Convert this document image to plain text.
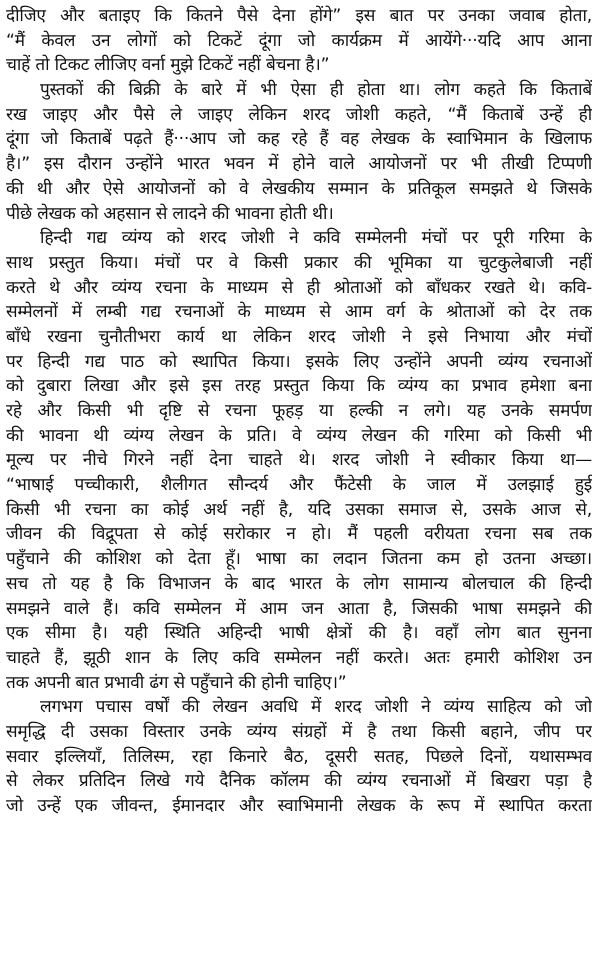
दीजिए और बताइए कि कितने पैसे देना होंगे” इस बात पर उनका जवाब होता,
“मैं केवल उन लोगों को टिकटें दूंगा जो कार्यक्रम में आयेंगे···यदि आप आना
चाहें तो टिकट लीजिए वर्ना मुझे टिकटें नहीं बेचना है।”
पुस्तकों की बिक्री के बारे में भी ऐसा ही होता था। लोग कहते कि किताबें
रख जाइए और पैसे ले जाइए लेकिन शरद जोशी कहते, “मैं किताबें उन्हें ही
दूंगा जो किताबें पढ़ते हैं···आप जो कह रहे हैं वह लेखक के स्वाभिमान के खिलाफ
है।” इस दौरान उन्होंने भारत भवन में होने वाले आयोजनों पर भी तीखी टिप्पणी
की थी और ऐसे आयोजनों को वे लेखकीय सम्मान के प्रतिकूल समझते थे जिसके
पीछे लेखक को अहसान से लादने की भावना होती थी।
हिन्दी गद्य व्यंग्य को शरद जोशी ने कवि सम्मेलनी मंचों पर पूरी गरिमा के
साथ प्रस्तुत किया। मंचों पर वे किसी प्रकार की भूमिका या चुटकुलेबाजी नहीं
करते थे और व्यंग्य रचना के माध्यम से ही श्रोताओं को बाँधकर रखते थे। कवि-
सम्मेलनों में लम्बी गद्य रचनाओं के माध्यम से आम वर्ग के श्रोताओं को देर तक
बाँधे रखना चुनौतीभरा कार्य था लेकिन शरद जोशी ने इसे निभाया और मंचों
पर हिन्दी गद्य पाठ को स्थापित किया। इसके लिए उन्होंने अपनी व्यंग्य रचनाओं
को दुबारा लिखा और इसे इस तरह प्रस्तुत किया कि व्यंग्य का प्रभाव हमेशा बना
रहे और किसी भी दृष्टि से रचना फूहड़ या हल्की न लगे। यह उनके समर्पण
की भावना थी व्यंग्य लेखन के प्रति। वे व्यंग्य लेखन की गरिमा को किसी भी
मूल्य पर नीचे गिरने नहीं देना चाहते थे। शरद जोशी ने स्वीकार किया था—
“भाषाई पच्चीकारी, शैलीगत सौन्दर्य और फैंटेसी के जाल में उलझाई हुई
किसी भी रचना का कोई अर्थ नहीं है, यदि उसका समाज से, उसके आज से,
जीवन की विद्रूपता से कोई सरोकार न हो। मैं पहली वरीयता रचना सब तक
पहुँचाने की कोशिश को देता हूँ। भाषा का लदान जितना कम हो उतना अच्छा।
सच तो यह है कि विभाजन के बाद भारत के लोग सामान्य बोलचाल की हिन्दी
समझने वाले हैं। कवि सम्मेलन में आम जन आता है, जिसकी भाषा समझने की
एक सीमा है। यही स्थिति अहिन्दी भाषी क्षेत्रों की है। वहाँ लोग बात सुनना
चाहते हैं, झूठी शान के लिए कवि सम्मेलन नहीं करते। अतः हमारी कोशिश उन
तक अपनी बात प्रभावी ढंग से पहुँचाने की होनी चाहिए।”
लगभग पचास वर्षों की लेखन अवधि में शरद जोशी ने व्यंग्य साहित्य को जो
समृद्धि दी उसका विस्तार उनके व्यंग्य संग्रहों में है तथा किसी बहाने, जीप पर
सवार इल्लियाँ, तिलिस्म, रहा किनारे बैठ, दूसरी सतह, पिछले दिनों, यथासम्भव
से लेकर प्रतिदिन लिखे गये दैनिक कॉलम की व्यंग्य रचनाओं में बिखरा पड़ा है
जो उन्हें एक जीवन्त, ईमानदार और स्वाभिमानी लेखक के रूप में स्थापित करता
